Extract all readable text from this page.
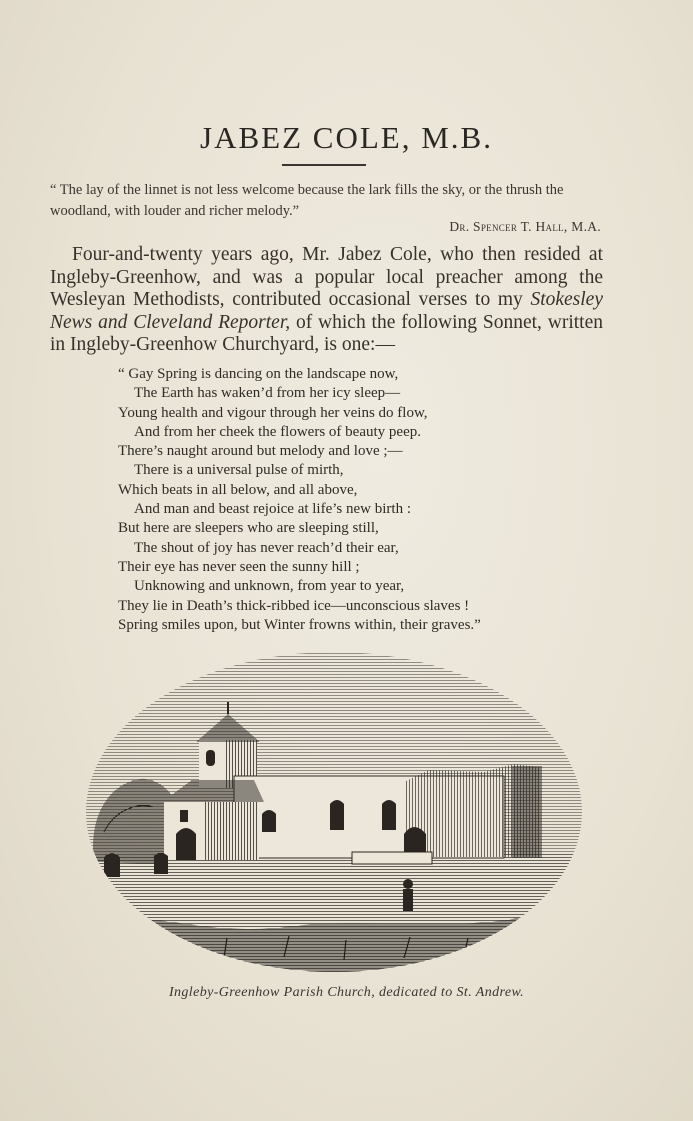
JABEZ COLE, M.B.
“ The lay of the linnet is not less welcome because the lark fills the sky, or the thrush the woodland, with louder and richer melody.”
Dr. Spencer T. Hall, M.A.

Four-and-twenty years ago, Mr. Jabez Cole, who then resided at Ingleby-Greenhow, and was a popular local preacher among the Wesleyan Methodists, contributed occasional verses to my Stokesley News and Cleveland Reporter, of which the following Sonnet, written in Ingleby-Greenhow Churchyard, is one:—

“ Gay Spring is dancing on the landscape now,
The Earth has waken’d from her icy sleep—
Young health and vigour through her veins do flow,
And from her cheek the flowers of beauty peep.
There’s naught around but melody and love ;—
There is a universal pulse of mirth,
Which beats in all below, and all above,
And man and beast rejoice at life’s new birth :
But here are sleepers who are sleeping still,
The shout of joy has never reach’d their ear,
Their eye has never seen the sunny hill ;
Unknowing and unknown, from year to year,
They lie in Death’s thick-ribbed ice—unconscious slaves !
Spring smiles upon, but Winter frowns within, their graves.”
Ingleby-Greenhow Parish Church, dedicated to St. Andrew.
